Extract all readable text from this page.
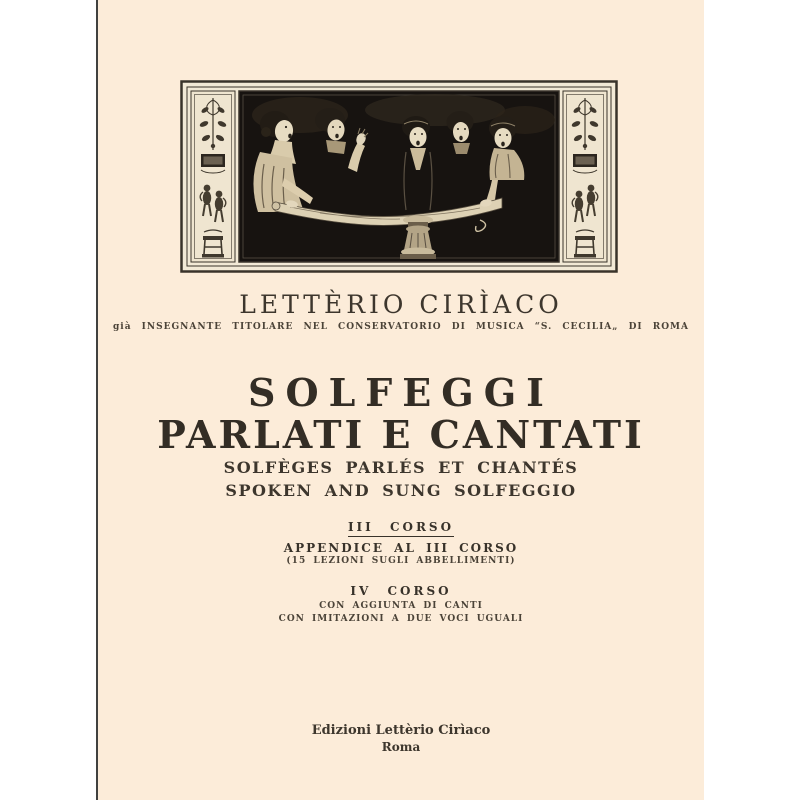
LETTÈRIO CIRÌACO
già INSEGNANTE TITOLARE NEL CONSERVATORIO DI MUSICA “S. CECILIA„ DI ROMA
SOLFEGGI
PARLATI E CANTATI
SOLFÈGES PARLÉS ET CHANTÉS
SPOKEN AND SUNG SOLFEGGIO
III CORSO
APPENDICE AL III CORSO
(15 LEZIONI SUGLI ABBELLIMENTI)
IV CORSO
CON AGGIUNTA DI CANTI
CON IMITAZIONI A DUE VOCI UGUALI
Edizioni Lettèrio Cirìaco
Roma
